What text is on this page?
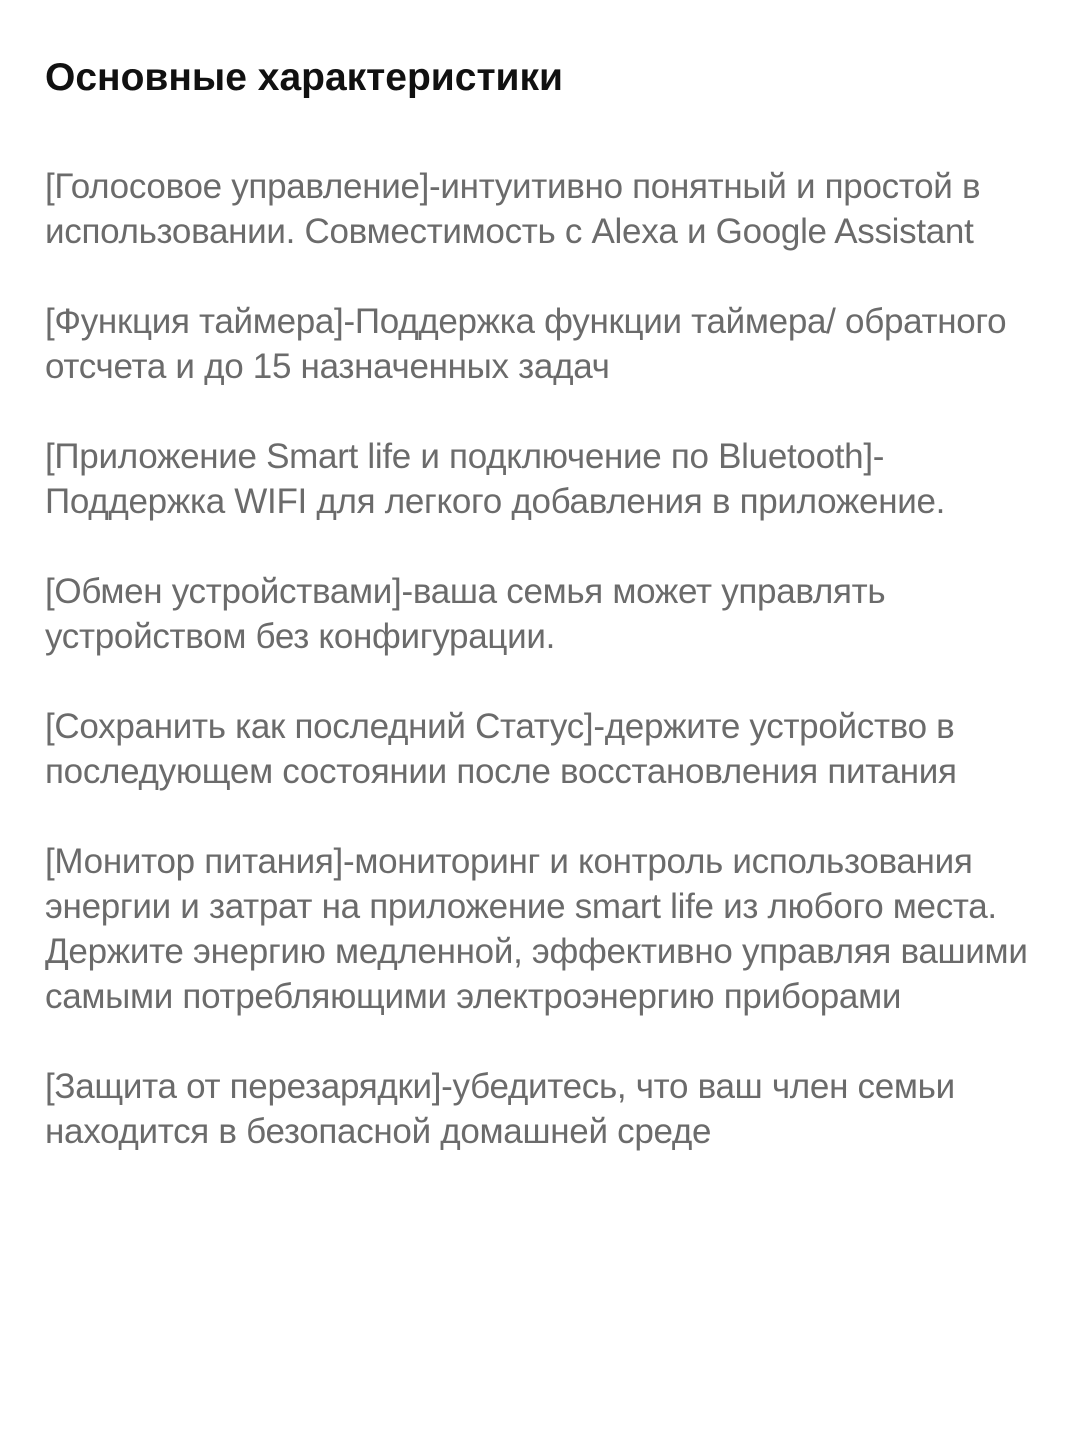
Основные характеристики

[Голосовое управление]-интуитивно понятный и простой в использовании. Совместимость с Alexa и Google Assistant

[Функция таймера]-Поддержка функции таймера/ обратного отсчета и до 15 назначенных задач

[Приложение Smart life и подключение по Bluetooth]-Поддержка WIFI для легкого добавления в приложение.

[Обмен устройствами]-ваша семья может управлять устройством без конфигурации.

[Сохранить как последний Статус]-держите устройство в последующем состоянии после восстановления питания

[Монитор питания]-мониторинг и контроль использования энергии и затрат на приложение smart life из любого места. Держите энергию медленной, эффективно управляя вашими самыми потребляющими электроэнергию приборами

[Защита от перезарядки]-убедитесь, что ваш член семьи находится в безопасной домашней среде
